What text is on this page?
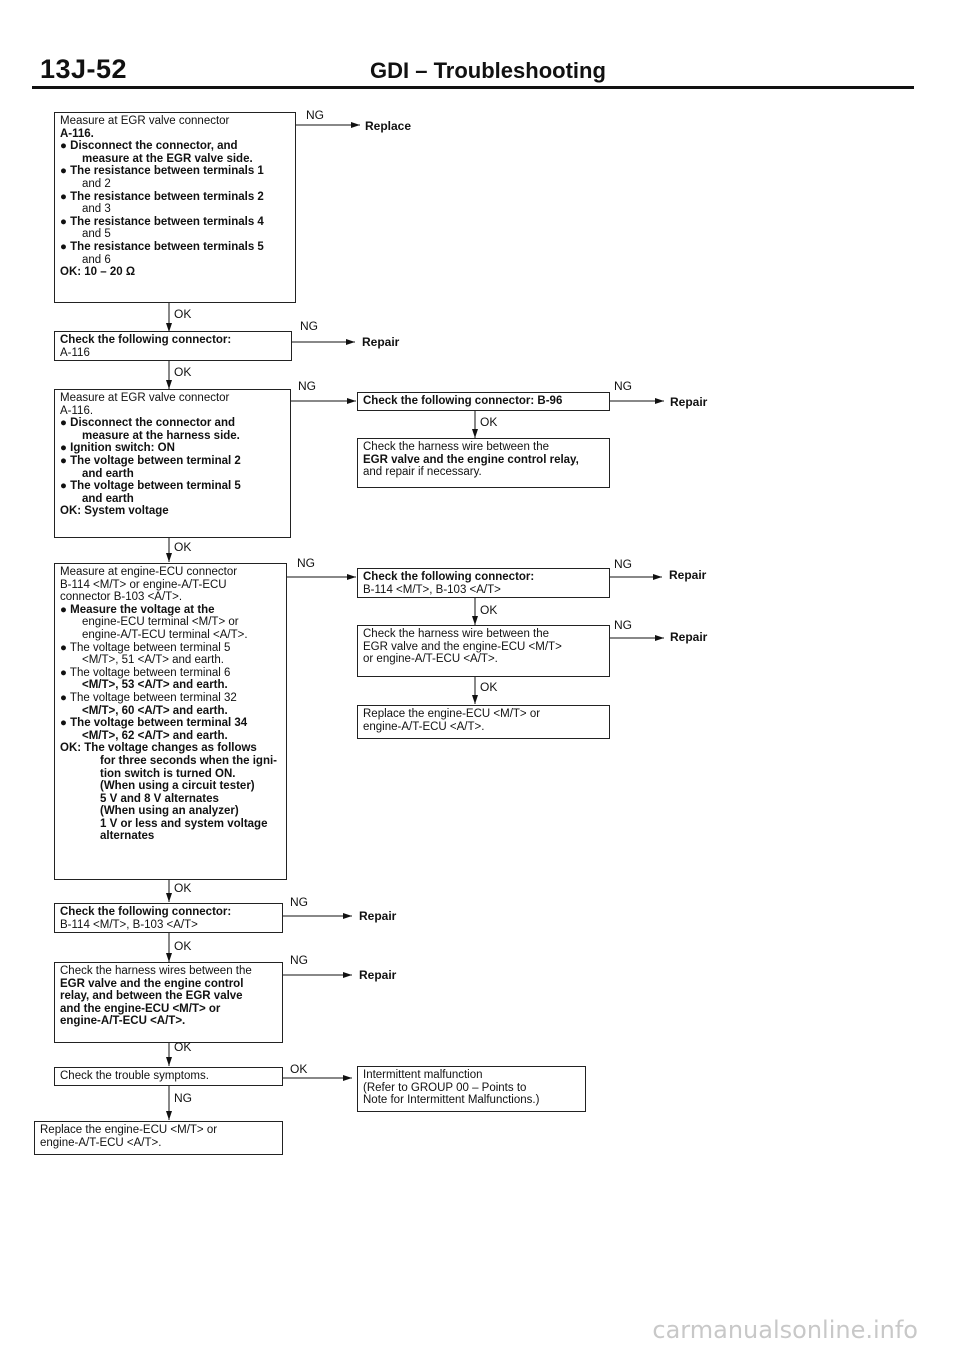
13J-52	GDI – Troubleshooting
Measure at EGR valve connector
A-116.
● Disconnect the connector, and
measure at the EGR valve side.
● The resistance between terminals 1
and 2
● The resistance between terminals 2
and 3
● The resistance between terminals 4
and 5
● The resistance between terminals 5
and 6
OK: 10 – 20 Ω
NG
Replace
OK
Check the following connector:
A-116
NG
Repair
OK
Measure at EGR valve connector
A-116.
● Disconnect the connector and
measure at the harness side.
● Ignition switch: ON
● The voltage between terminal 2
and earth
● The voltage between terminal 5
and earth
OK: System voltage
NG
OK
Check the following connector: B-96
NG
Repair
OK
Check the harness wire between the
EGR valve and the engine control relay,
and repair if necessary.
Measure at engine-ECU connector
B-114 <M/T> or engine-A/T-ECU
connector B-103 <A/T>.
● Measure the voltage at the
engine-ECU terminal <M/T> or
engine-A/T-ECU terminal <A/T>.
● The voltage between terminal 5
<M/T>, 51 <A/T> and earth.
● The voltage between terminal 6
<M/T>, 53 <A/T> and earth.
● The voltage between terminal 32
<M/T>, 60 <A/T> and earth.
● The voltage between terminal 34
<M/T>, 62 <A/T> and earth.
OK: The voltage changes as follows
for three seconds when the igni-
tion switch is turned ON.
(When using a circuit tester)
5 V and 8 V alternates
(When using an analyzer)
1 V or less and system voltage
alternates
NG
OK
Check the following connector:
B-114 <M/T>, B-103 <A/T>
NG
Repair
OK
Check the harness wire between the
EGR valve and the engine-ECU <M/T>
or engine-A/T-ECU <A/T>.
NG
Repair
OK
Replace the engine-ECU <M/T> or
engine-A/T-ECU <A/T>.
Check the following connector:
B-114 <M/T>, B-103 <A/T>
NG
Repair
OK
Check the harness wires between the
EGR valve and the engine control
relay, and between the EGR valve
and the engine-ECU <M/T> or
engine-A/T-ECU <A/T>.
NG
Repair
OK
Check the trouble symptoms.	OK	Intermittent malfunction
(Refer to GROUP 00 – Points to
Note for Intermittent Malfunctions.)
NG
Replace the engine-ECU <M/T> or
engine-A/T-ECU <A/T>.
carmanualsonline.info
